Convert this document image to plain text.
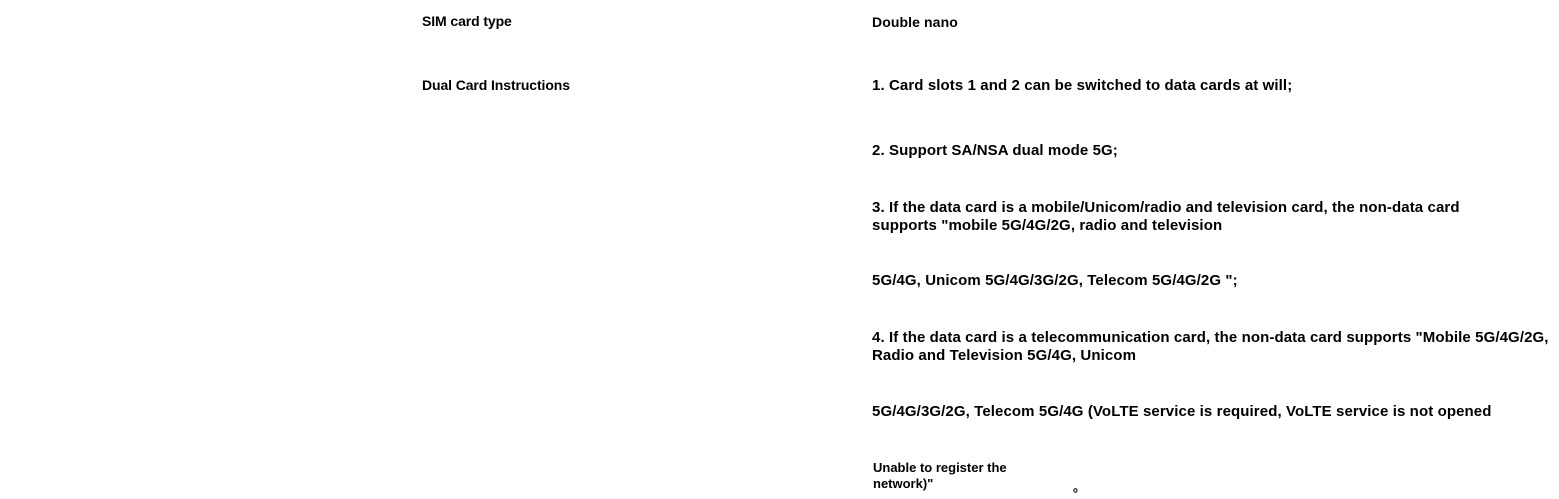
SIM card type	Double nano
Dual Card Instructions	1. Card slots 1 and 2 can be switched to data cards at will;
2. Support SA/NSA dual mode 5G;
3. If the data card is a mobile/Unicom/radio and television card, the non-data card supports "mobile 5G/4G/2G, radio and television
5G/4G, Unicom 5G/4G/3G/2G, Telecom 5G/4G/2G ";
4. If the data card is a telecommunication card, the non-data card supports "Mobile 5G/4G/2G, Radio and Television 5G/4G, Unicom
5G/4G/3G/2G, Telecom 5G/4G (VoLTE service is required, VoLTE service is not opened
Unable to register the network)"	。
